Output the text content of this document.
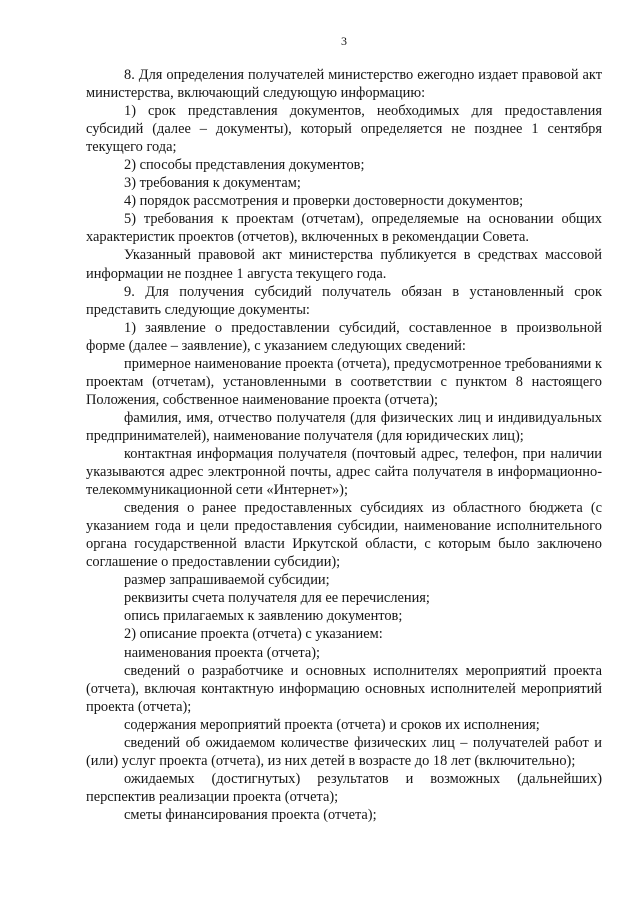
3

8. Для определения получателей министерство ежегодно издает правовой акт министерства, включающий следующую информацию:

1) срок представления документов, необходимых для предоставления субсидий (далее – документы), который определяется не позднее 1 сентября текущего года;

2) способы представления документов;

3) требования к документам;

4) порядок рассмотрения и проверки достоверности документов;

5) требования к проектам (отчетам), определяемые на основании общих характеристик проектов (отчетов), включенных в рекомендации Совета.

Указанный правовой акт министерства публикуется в средствах массовой информации не позднее 1 августа текущего года.

9. Для получения субсидий получатель обязан в установленный срок представить следующие документы:

1) заявление о предоставлении субсидий, составленное в произвольной форме (далее – заявление), с указанием следующих сведений:

примерное наименование проекта (отчета), предусмотренное требованиями к проектам (отчетам), установленными в соответствии с пунктом 8 настоящего Положения, собственное наименование проекта (отчета);

фамилия, имя, отчество получателя (для физических лиц и индивидуальных предпринимателей), наименование получателя (для юридических лиц);

контактная информация получателя (почтовый адрес, телефон, при наличии указываются адрес электронной почты, адрес сайта получателя в информационно-телекоммуникационной сети «Интернет»);

сведения о ранее предоставленных субсидиях из областного бюджета (с указанием года и цели предоставления субсидии, наименование исполнительного органа государственной власти Иркутской области, с которым было заключено соглашение о предоставлении субсидии);

размер запрашиваемой субсидии;

реквизиты счета получателя для ее перечисления;

опись прилагаемых к заявлению документов;

2) описание проекта (отчета) с указанием:

наименования проекта (отчета);

сведений о разработчике и основных исполнителях мероприятий проекта (отчета), включая контактную информацию основных исполнителей мероприятий проекта (отчета);

содержания мероприятий проекта (отчета) и сроков их исполнения;

сведений об ожидаемом количестве физических лиц – получателей работ и (или) услуг проекта (отчета), из них детей в возрасте до 18 лет (включительно);

ожидаемых (достигнутых) результатов и возможных (дальнейших) перспектив реализации проекта (отчета);

сметы финансирования проекта (отчета);
